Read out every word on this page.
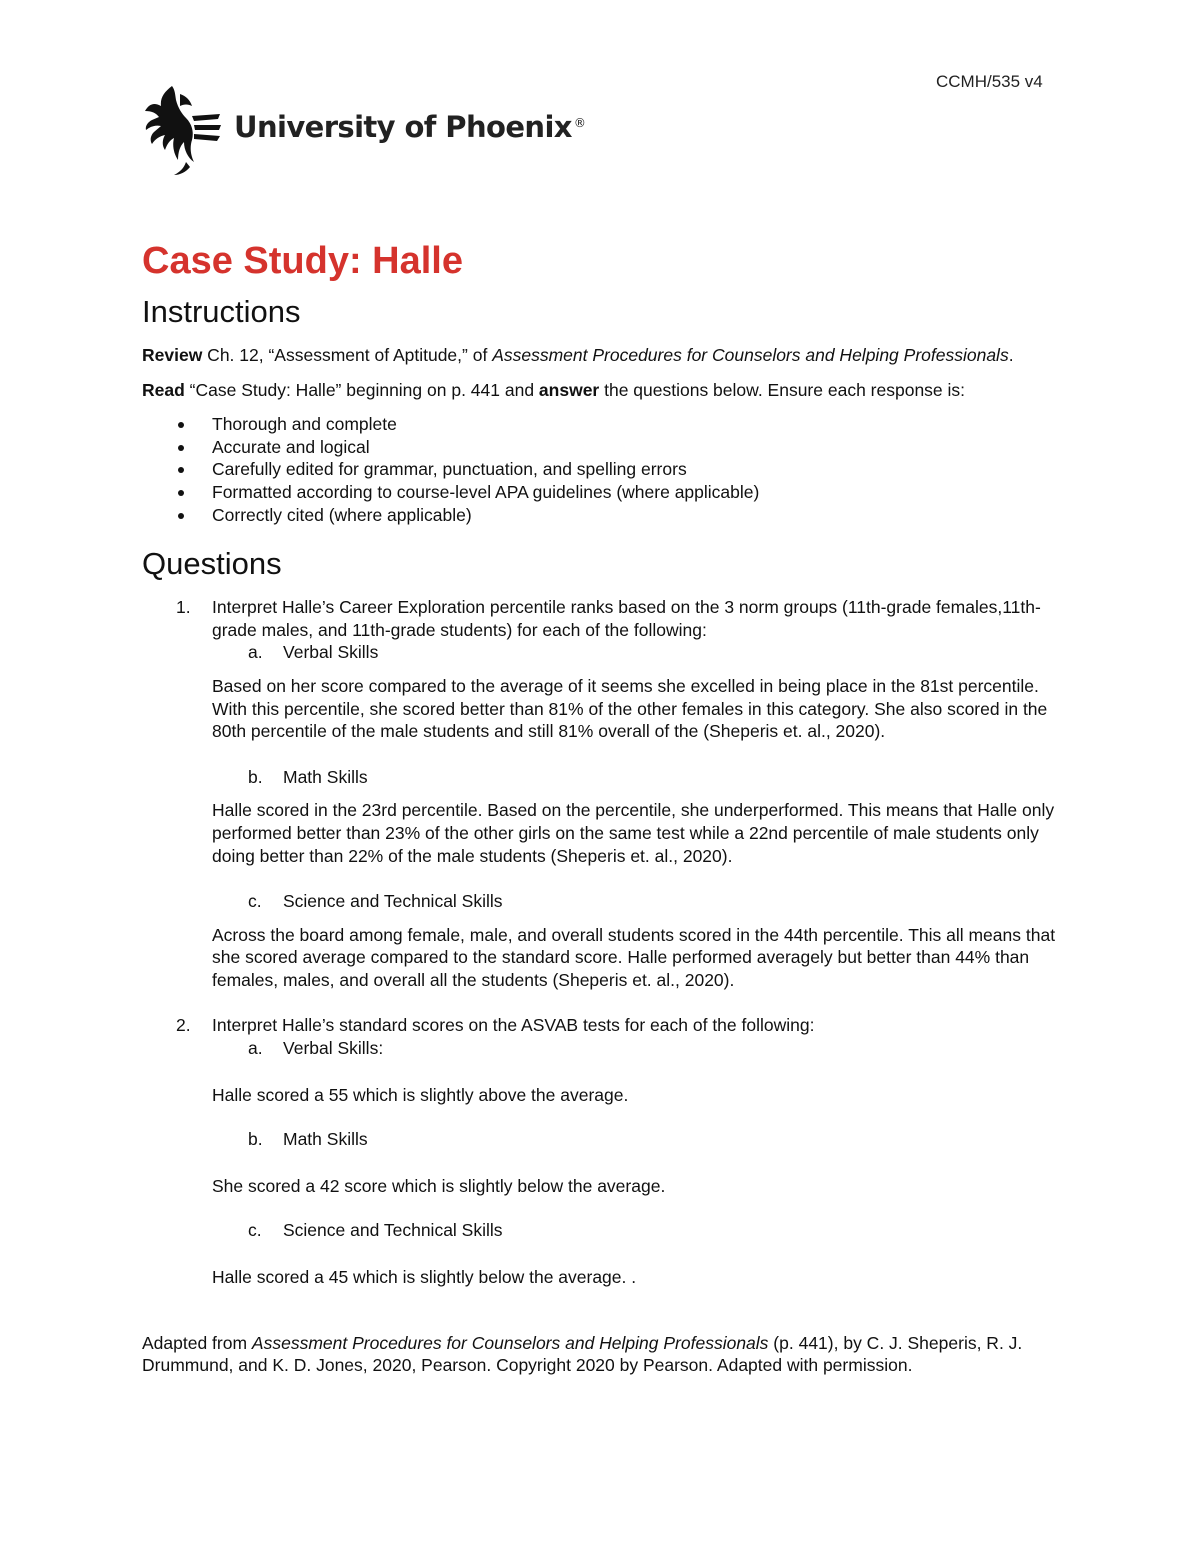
CCMH/535 v4
University of Phoenix ®
Case Study: Halle
Instructions

Review Ch. 12, “Assessment of Aptitude,” of Assessment Procedures for Counselors and Helping Professionals.

Read “Case Study: Halle” beginning on p. 441 and answer the questions below. Ensure each response is:

Thorough and complete
Accurate and logical
Carefully edited for grammar, punctuation, and spelling errors
Formatted according to course-level APA guidelines (where applicable)
Correctly cited (where applicable)
Questions
1. Interpret Halle’s Career Exploration percentile ranks based on the 3 norm groups (11th-grade females,11th-grade males, and 11th-grade students) for each of the following:
a. Verbal Skills

Based on her score compared to the average of it seems she excelled in being place in the 81st percentile. With this percentile, she scored better than 81% of the other females in this category. She also scored in the 80th percentile of the male students and still 81% overall of the (Sheperis et. al., 2020).

b. Math Skills

Halle scored in the 23rd percentile. Based on the percentile, she underperformed. This means that Halle only performed better than 23% of the other girls on the same test while a 22nd percentile of male students only doing better than 22% of the male students (Sheperis et. al., 2020).

c. Science and Technical Skills

Across the board among female, male, and overall students scored in the 44th percentile. This all means that she scored average compared to the standard score. Halle performed averagely but better than 44% than females, males, and overall all the students (Sheperis et. al., 2020).

2. Interpret Halle’s standard scores on the ASVAB tests for each of the following:
a. Verbal Skills:

Halle scored a 55 which is slightly above the average.

b. Math Skills

She scored a 42 score which is slightly below the average.

c. Science and Technical Skills

Halle scored a 45 which is slightly below the average. .

Adapted from Assessment Procedures for Counselors and Helping Professionals (p. 441), by C. J. Sheperis, R. J. Drummund, and K. D. Jones, 2020, Pearson. Copyright 2020 by Pearson. Adapted with permission.
